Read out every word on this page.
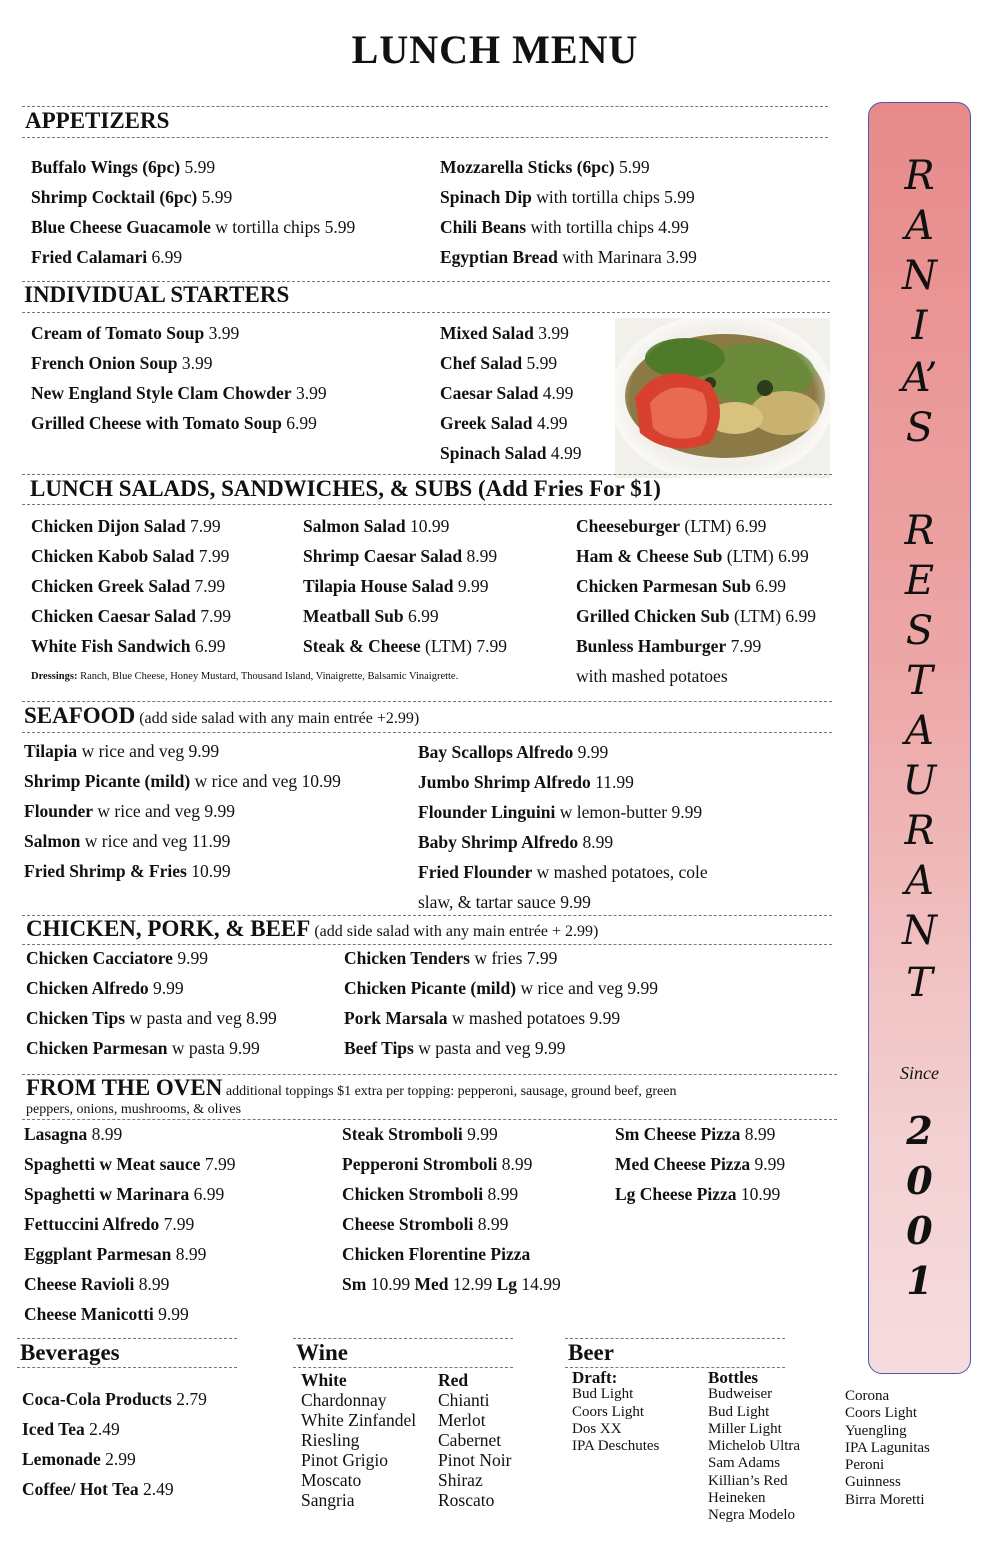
LUNCH MENU
APPETIZERS
Buffalo Wings (6pc) 5.99
Shrimp Cocktail (6pc) 5.99
Blue Cheese Guacamole w tortilla chips 5.99
Fried Calamari 6.99
Mozzarella Sticks (6pc) 5.99
Spinach Dip with tortilla chips 5.99
Chili Beans with tortilla chips 4.99
Egyptian Bread with Marinara 3.99
INDIVIDUAL STARTERS
Cream of Tomato Soup 3.99
French Onion Soup 3.99
New England Style Clam Chowder 3.99
Grilled Cheese with Tomato Soup 6.99
Mixed Salad 3.99
Chef Salad 5.99
Caesar Salad 4.99
Greek Salad 4.99
Spinach Salad 4.99
LUNCH SALADS, SANDWICHES, & SUBS (Add Fries For $1)
Chicken Dijon Salad 7.99
Chicken Kabob Salad 7.99
Chicken Greek Salad 7.99
Chicken Caesar Salad 7.99
White Fish Sandwich 6.99
Salmon Salad 10.99
Shrimp Caesar Salad 8.99
Tilapia House Salad 9.99
Meatball Sub 6.99
Steak & Cheese (LTM) 7.99
Cheeseburger (LTM) 6.99
Ham & Cheese Sub (LTM) 6.99
Chicken Parmesan Sub 6.99
Grilled Chicken Sub (LTM) 6.99
Bunless Hamburger 7.99
with mashed potatoes
Dressings: Ranch, Blue Cheese, Honey Mustard, Thousand Island, Vinaigrette, Balsamic Vinaigrette.
SEAFOOD (add side salad with any main entrée +2.99)
Tilapia w rice and veg 9.99
Shrimp Picante (mild) w rice and veg 10.99
Flounder w rice and veg 9.99
Salmon w rice and veg 11.99
Fried Shrimp & Fries 10.99
Bay Scallops Alfredo 9.99
Jumbo Shrimp Alfredo 11.99
Flounder Linguini w lemon-butter 9.99
Baby Shrimp Alfredo 8.99
Fried Flounder w mashed potatoes, cole
slaw, & tartar sauce 9.99
CHICKEN, PORK, & BEEF (add side salad with any main entrée + 2.99)
Chicken Cacciatore 9.99
Chicken Alfredo 9.99
Chicken Tips w pasta and veg 8.99
Chicken Parmesan w pasta 9.99
Chicken Tenders w fries 7.99
Chicken Picante (mild) w rice and veg 9.99
Pork Marsala w mashed potatoes 9.99
Beef Tips w pasta and veg 9.99
FROM THE OVEN additional toppings $1 extra per topping: pepperoni, sausage, ground beef, green
peppers, onions, mushrooms, & olives
Lasagna 8.99
Spaghetti w Meat sauce 7.99
Spaghetti w Marinara 6.99
Fettuccini Alfredo 7.99
Eggplant Parmesan 8.99
Cheese Ravioli 8.99
Cheese Manicotti 9.99
Steak Stromboli 9.99
Pepperoni Stromboli 8.99
Chicken Stromboli 8.99
Cheese Stromboli 8.99
Chicken Florentine Pizza
Sm 10.99 Med 12.99 Lg 14.99
Sm Cheese Pizza 8.99
Med Cheese Pizza 9.99
Lg Cheese Pizza 10.99
Beverages
Coca-Cola Products 2.79
Iced Tea 2.49
Lemonade 2.99
Coffee/ Hot Tea 2.49
Wine
White
Chardonnay
White Zinfandel
Riesling
Pinot Grigio
Moscato
Sangria
Red
Chianti
Merlot
Cabernet
Pinot Noir
Shiraz
Roscato
Beer
Draft:
Bud Light
Coors Light
Dos XX
IPA Deschutes
Bottles
Budweiser
Bud Light
Miller Light
Michelob Ultra
Sam Adams
Killian’s Red
Heineken
Negra Modelo
Corona
Coors Light
Yuengling
IPA Lagunitas
Peroni
Guinness
Birra Moretti
R
A
N
I
A’
S
R
E
S
T
A
U
R
A
N
T
Since
2
0
0
1
